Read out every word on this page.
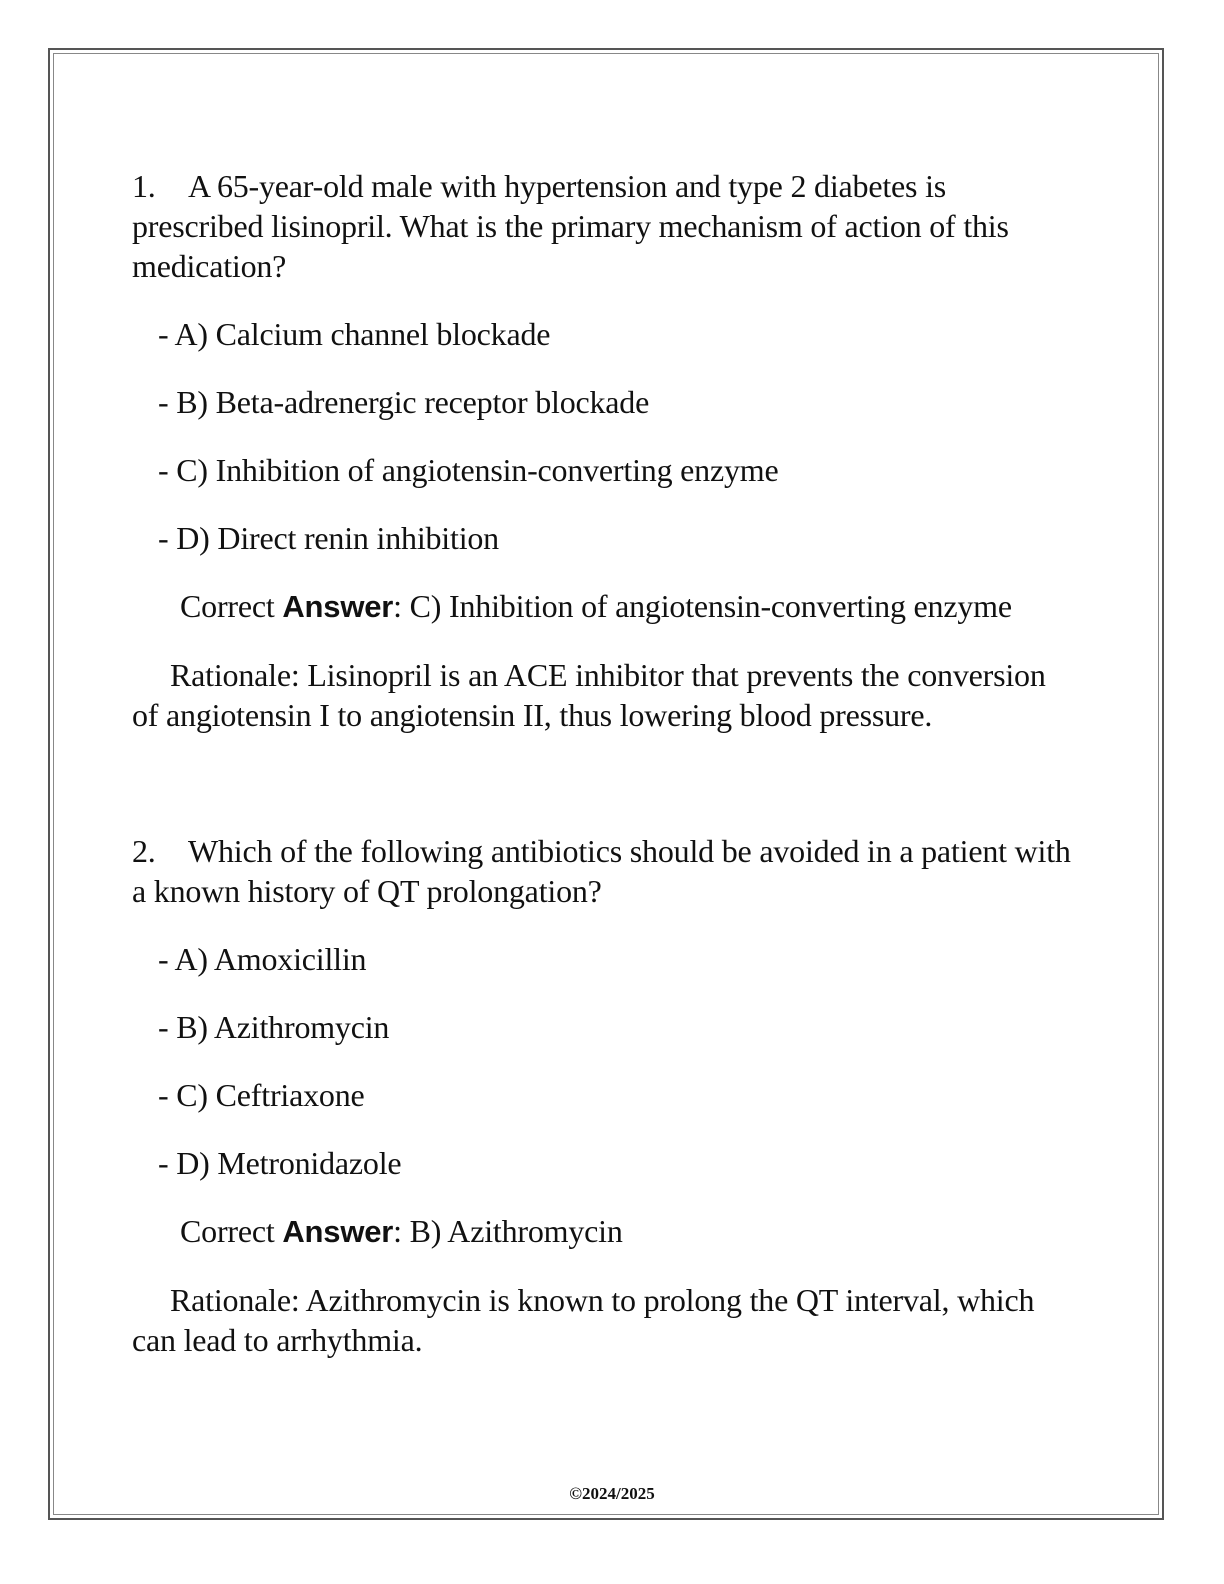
1. A 65-year-old male with hypertension and type 2 diabetes is prescribed lisinopril. What is the primary mechanism of action of this medication?

- A) Calcium channel blockade

- B) Beta-adrenergic receptor blockade

- C) Inhibition of angiotensin-converting enzyme

- D) Direct renin inhibition

Correct Answer: C) Inhibition of angiotensin-converting enzyme

Rationale: Lisinopril is an ACE inhibitor that prevents the conversion of angiotensin I to angiotensin II, thus lowering blood pressure.

2. Which of the following antibiotics should be avoided in a patient with a known history of QT prolongation?

- A) Amoxicillin

- B) Azithromycin

- C) Ceftriaxone

- D) Metronidazole

Correct Answer: B) Azithromycin

Rationale: Azithromycin is known to prolong the QT interval, which can lead to arrhythmia.

©2024/2025
